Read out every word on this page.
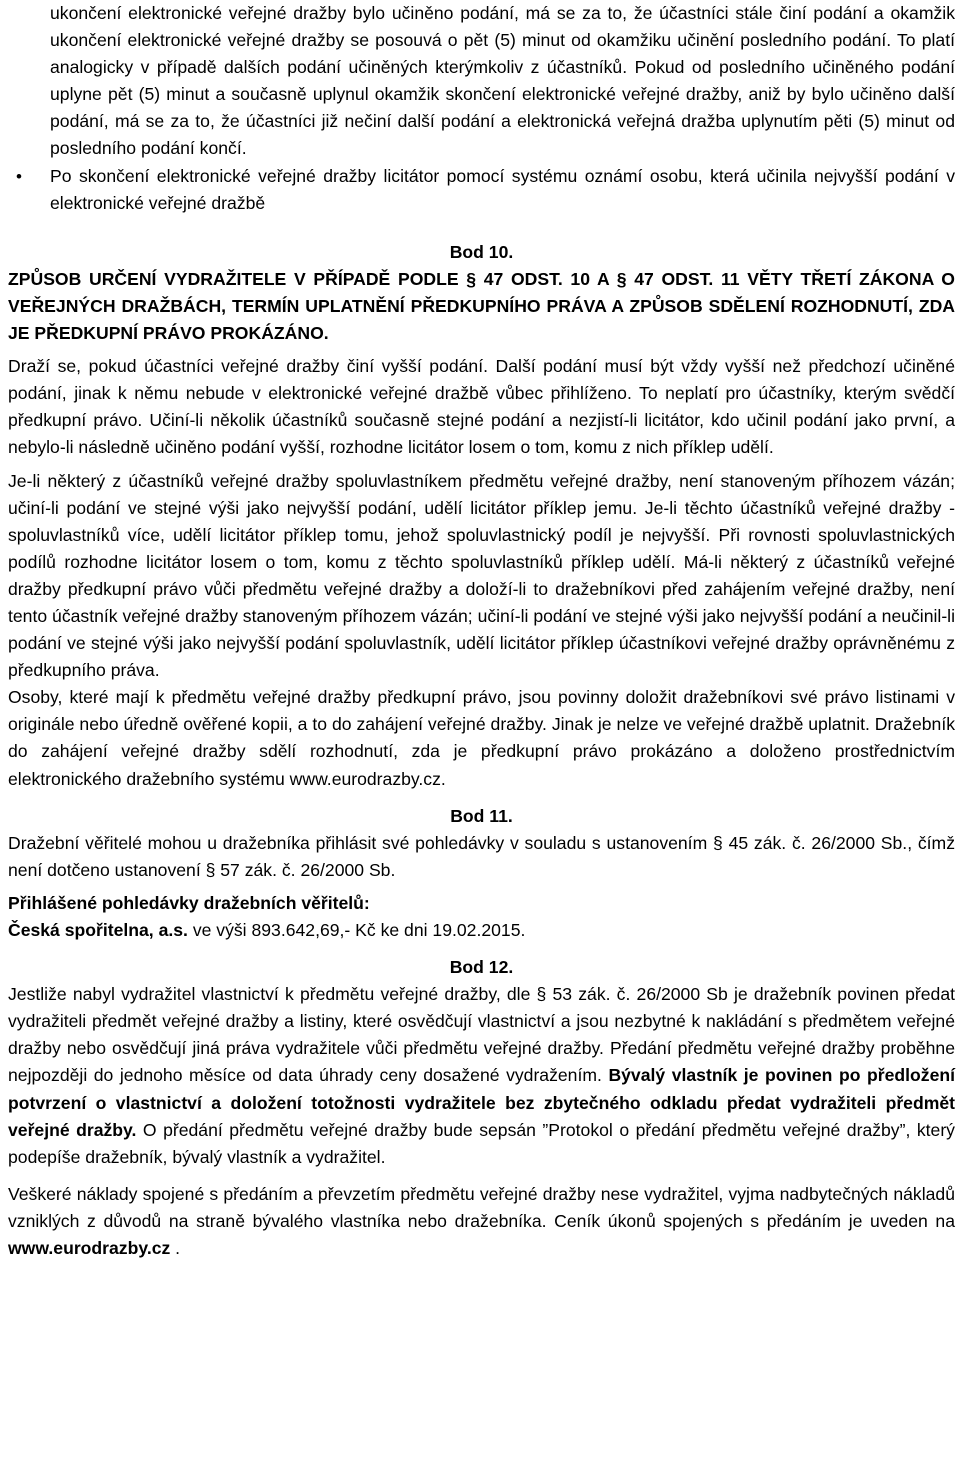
ukončení elektronické veřejné dražby bylo učiněno podání, má se za to, že účastníci stále činí podání a okamžik ukončení elektronické veřejné dražby se posouvá o pět (5) minut od okamžiku učinění posledního podání. To platí analogicky v případě dalších podání učiněných kterýmkoliv z účastníků. Pokud od posledního učiněného podání uplyne pět (5) minut a současně uplynul okamžik skončení elektronické veřejné dražby, aniž by bylo učiněno další podání, má se za to, že účastníci již nečiní další podání a elektronická veřejná dražba uplynutím pěti (5) minut od posledního podání končí.

• Po skončení elektronické veřejné dražby licitátor pomocí systému oznámí osobu, která učinila nejvyšší podání v elektronické veřejné dražbě

Bod 10.

ZPŮSOB URČENÍ VYDRAŽITELE V PŘÍPADĚ PODLE § 47 ODST. 10 A § 47 ODST. 11 VĚTY TŘETÍ ZÁKONA O VEŘEJNÝCH DRAŽBÁCH, TERMÍN UPLATNĚNÍ PŘEDKUPNÍHO PRÁVA A ZPŮSOB SDĚLENÍ ROZHODNUTÍ, ZDA JE PŘEDKUPNÍ PRÁVO PROKÁZÁNO.

Draží se, pokud účastníci veřejné dražby činí vyšší podání. Další podání musí být vždy vyšší než předchozí učiněné podání, jinak k němu nebude v elektronické veřejné dražbě vůbec přihlíženo. To neplatí pro účastníky, kterým svědčí předkupní právo. Učiní-li několik účastníků současně stejné podání a nezjistí-li licitátor, kdo učinil podání jako první, a nebylo-li následně učiněno podání vyšší, rozhodne licitátor losem o tom, komu z nich příklep udělí.

Je-li některý z účastníků veřejné dražby spoluvlastníkem předmětu veřejné dražby, není stanoveným příhozem vázán; učiní-li podání ve stejné výši jako nejvyšší podání, udělí licitátor příklep jemu. Je-li těchto účastníků veřejné dražby - spoluvlastníků více, udělí licitátor příklep tomu, jehož spoluvlastnický podíl je nejvyšší. Při rovnosti spoluvlastnických podílů rozhodne licitátor losem o tom, komu z těchto spoluvlastníků příklep udělí. Má-li některý z účastníků veřejné dražby předkupní právo vůči předmětu veřejné dražby a doloží-li to dražebníkovi před zahájením veřejné dražby, není tento účastník veřejné dražby stanoveným příhozem vázán; učiní-li podání ve stejné výši jako nejvyšší podání a neučinil-li podání ve stejné výši jako nejvyšší podání spoluvlastník, udělí licitátor příklep účastníkovi veřejné dražby oprávněnému z předkupního práva.

Osoby, které mají k předmětu veřejné dražby předkupní právo, jsou povinny doložit dražebníkovi své právo listinami v originále nebo úředně ověřené kopii, a to do zahájení veřejné dražby. Jinak je nelze ve veřejné dražbě uplatnit. Dražebník do zahájení veřejné dražby sdělí rozhodnutí, zda je předkupní právo prokázáno a doloženo prostřednictvím elektronického dražebního systému www.eurodrazby.cz.

Bod 11.

Dražební věřitelé mohou u dražebníka přihlásit své pohledávky v souladu s ustanovením § 45 zák. č. 26/2000 Sb., čímž není dotčeno ustanovení § 57 zák. č. 26/2000 Sb.

Přihlášené pohledávky dražebních věřitelů:

Česká spořitelna, a.s. ve výši 893.642,69,- Kč ke dni 19.02.2015.

Bod 12.

Jestliže nabyl vydražitel vlastnictví k předmětu veřejné dražby, dle § 53 zák. č. 26/2000 Sb je dražebník povinen předat vydražiteli předmět veřejné dražby a listiny, které osvědčují vlastnictví a jsou nezbytné k nakládání s předmětem veřejné dražby nebo osvědčují jiná práva vydražitele vůči předmětu veřejné dražby. Předání předmětu veřejné dražby proběhne nejpozději do jednoho měsíce od data úhrady ceny dosažené vydražením. Bývalý vlastník je povinen po předložení potvrzení o vlastnictví a doložení totožnosti vydražitele bez zbytečného odkladu předat vydražiteli předmět veřejné dražby. O předání předmětu veřejné dražby bude sepsán ”Protokol o předání předmětu veřejné dražby”, který podepíše dražebník, bývalý vlastník a vydražitel.

Veškeré náklady spojené s předáním a převzetím předmětu veřejné dražby nese vydražitel, vyjma nadbytečných nákladů vzniklých z důvodů na straně bývalého vlastníka nebo dražebníka. Ceník úkonů spojených s předáním je uveden na www.eurodrazby.cz .
